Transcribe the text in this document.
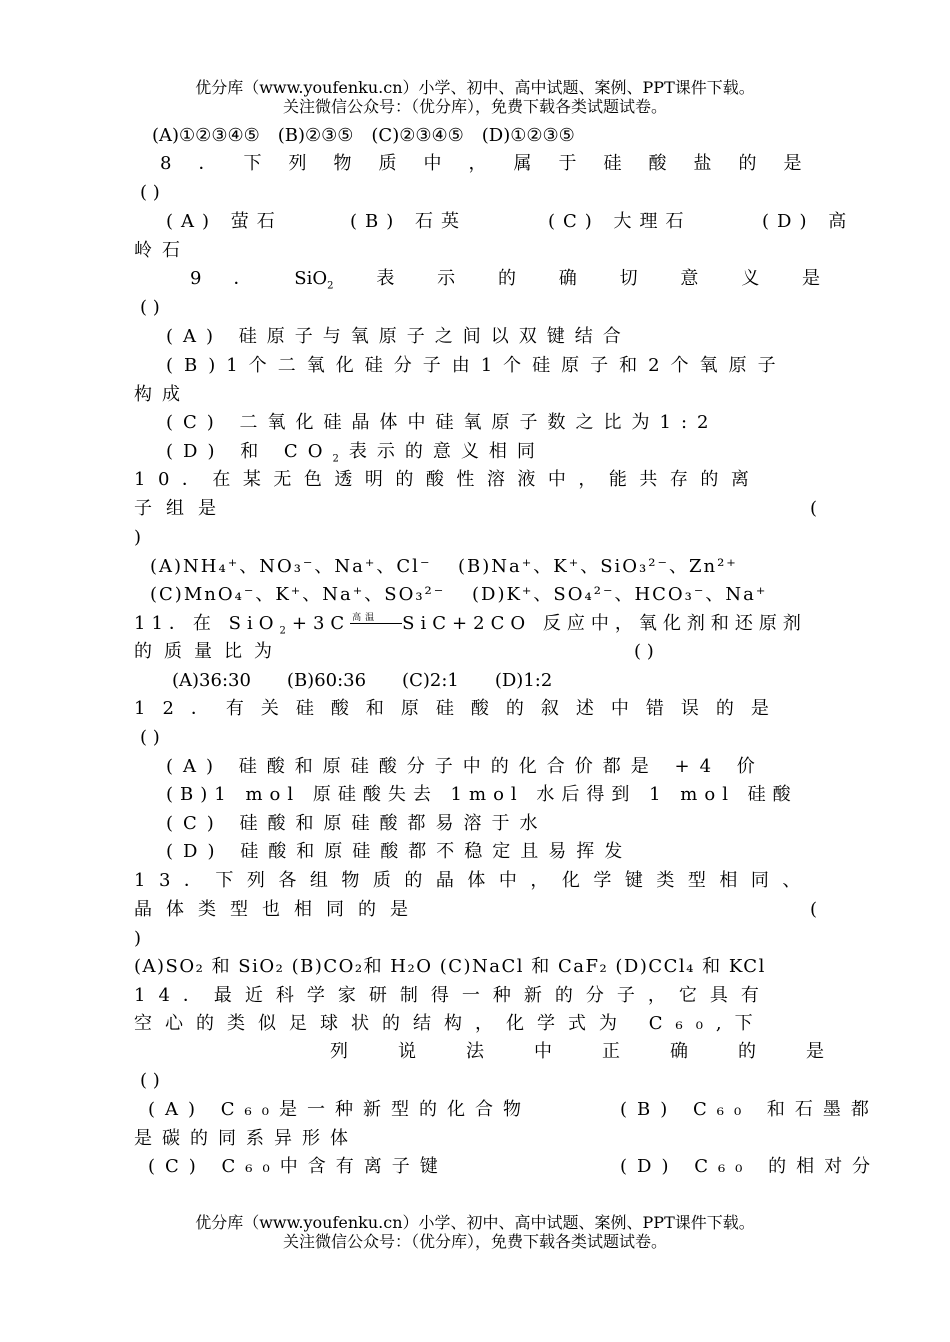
优分库（www.youfenku.cn）小学、初中、高中试题、案例、PPT课件下载。
关注微信公众号：（优分库），免费下载各类试题试卷。
(A)①②③④⑤　(B)②③⑤　(C)②③④⑤　(D)①②③⑤
8．下列物质中，属于硅酸盐的是
( )
(A) 萤石	(B) 石英	(C) 大理石	(D) 高
岭石
9 ． SiO$_2$ 表 示 的 确 切 意 义 是
( )
(A) 硅原子与氧原子之间以双键结合
(B)1个二氧化硅分子由1个硅原子和2个氧原子
构成
(C) 二氧化硅晶体中硅氧原子数之比为1:2
(D) 和 $CO_2$表示的意义相同
10．在某无色透明的酸性溶液中，能共存的离
子组是	(
)
(A)NH₄⁺、NO₃⁻、Na⁺、Cl⁻ (B)Na⁺、K⁺、SiO₃²⁻、Zn²⁺
(C)MnO₄⁻、K⁺、Na⁺、SO₃²⁻ (D)K⁺、SO₄²⁻、HCO₃⁻、Na⁺
11．在 SiO$_2$+3C 高温 SiC+2CO 反应中，氧化剂和还原剂
的质量比为	( )
(A)36:30　　(B)60:36　　(C)2:1　　(D)1:2
12．有关硅酸和原硅酸的叙述中错误的是
( )
(A) 硅酸和原硅酸分子中的化合价都是 +4 价
(B)1 mol 原硅酸失去 1mol 水后得到 1 mol 硅酸
(C) 硅酸和原硅酸都易溶于水
(D) 硅酸和原硅酸都不稳定且易挥发
13．下列各组物质的晶体中，化学键类型相同、
晶体类型也相同的是	(
)
(A)SO₂ 和 SiO₂ (B)CO₂和 H₂O (C)NaCl 和 CaF₂ (D)CCl₄ 和 KCl
14．最近科学家研制得一种新的分子，它具有
空心的类似足球状的结构，化学式为 C₆₀,下
列说法中正确的是
( )
(A) C₆₀是一种新型的化合物	(B) C₆₀ 和石墨都
是碳的同系异形体
(C) C₆₀中含有离子键	(D) C₆₀ 的相对分
优分库（www.youfenku.cn）小学、初中、高中试题、案例、PPT课件下载。
关注微信公众号：（优分库），免费下载各类试题试卷。
